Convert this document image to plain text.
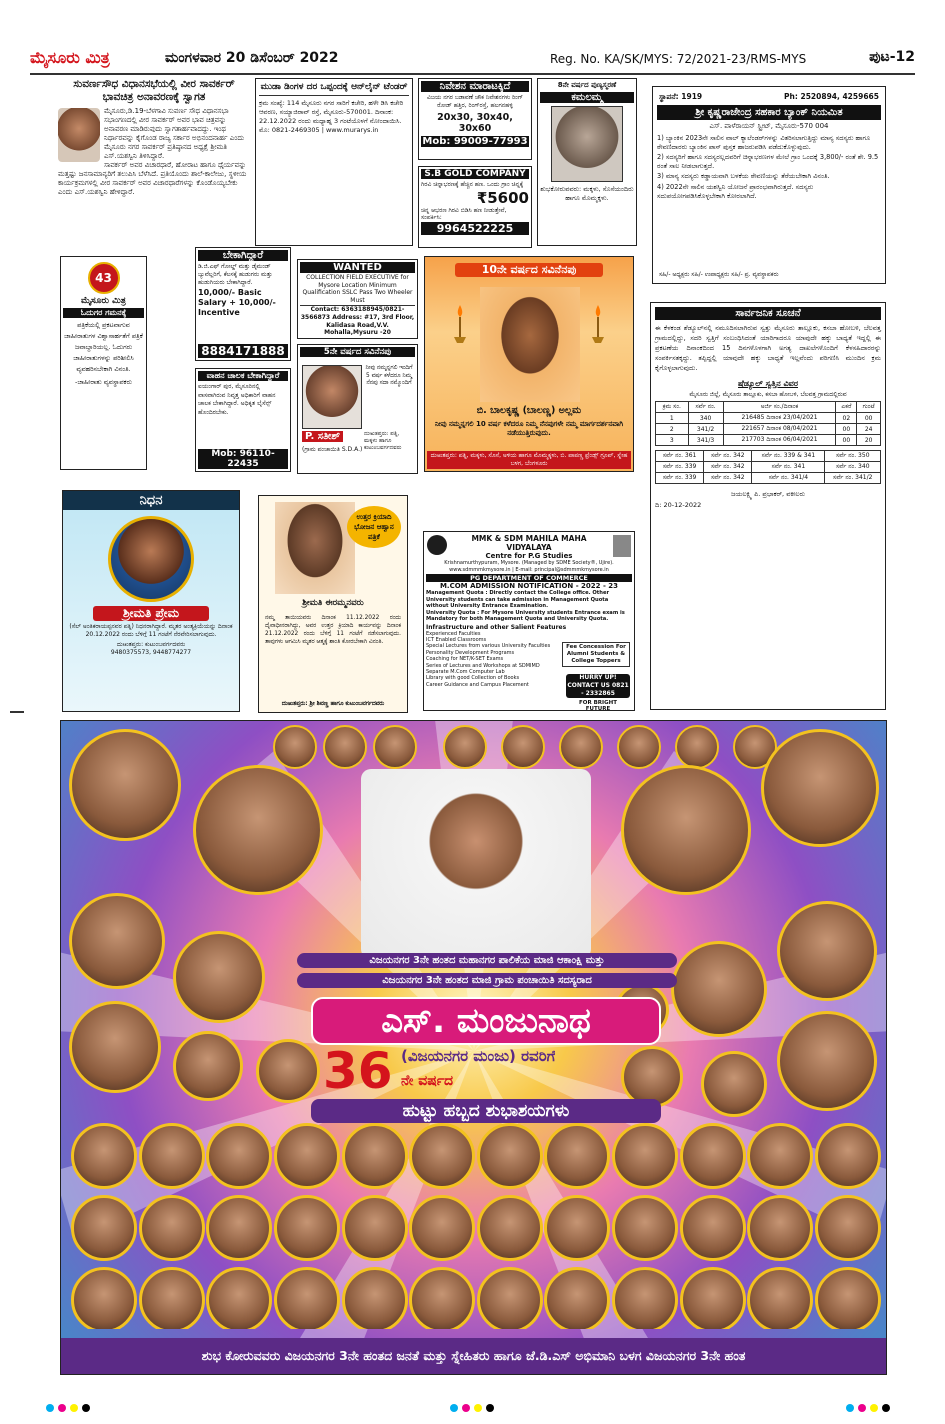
ಮೈಸೂರು ಮಿತ್ರ	ಮಂಗಳವಾರ 20 ಡಿಸೆಂಬರ್ 2022	Reg. No. KA/SK/MYS: 72/2021-23/RMS-MYS	ಪುಟ-12
ಸುವರ್ಣಸೌಧ ವಿಧಾನಸಭೆಯಲ್ಲಿ ವೀರ ಸಾವರ್ಕರ್ ಭಾವಚಿತ್ರ ಅನಾವರಣಕ್ಕೆ ಸ್ವಾಗತ
ಮೈಸೂರು,ಡಿ.19-ಬೆಳಗಾವಿ ಸುವರ್ಣ ಸೌಧ ವಿಧಾನಸಭಾ ಸಭಾಂಗಣದಲ್ಲಿ ವೀರ ಸಾವರ್ಕರ್ ಅವರ ಭಾವ ಚಿತ್ರವನ್ನು ಅನಾವರಣ ಮಾಡಿರುವುದು ಸ್ವಾಗತಾರ್ಹವಾದದ್ದು. ಇಂಥ ನಿರ್ಧಾರವನ್ನು ಕೈಗೊಂಡ ರಾಜ್ಯ ಸರ್ಕಾರ ಅಭಿನಂದನಾರ್ಹ ಎಂದು ಮೈಸೂರು ನಗರ ಸಾವರ್ಕರ್ ಪ್ರತಿಷ್ಠಾನದ ಅಧ್ಯಕ್ಷೆ ಶ್ರೀಮತಿ ಎಸ್.ಯಶಸ್ವಿನಿ ತಿಳಿಸಿದ್ದಾರೆ.
ಸಾವರ್ಕರ್ ಅವರ ವಿಚಾರಧಾರೆ, ಹೋರಾಟ ಹಾಗೂ ಧೈರ್ಯವನ್ನು ಮತ್ತಷ್ಟು ಜನಸಾಮಾನ್ಯರಿಗೆ ತಲುಪಿಸಿ ಬೆಳೆಸಿದೆ. ಪ್ರತಿಯೊಂದು ಶಾಲೆ-ಕಾಲೇಜು, ಸ್ಥಳೀಯ ಕಾರ್ಯಕ್ರಮಗಳಲ್ಲಿ ವೀರ ಸಾವರ್ಕರ್ ಅವರ ವಿಚಾರಧಾರೆಗಳನ್ನು ಕೊಂಡೊಯ್ಯಬೇಕು ಎಂದು ಎಸ್.ಯಶಸ್ವಿನಿ ಹೇಳಿದ್ದಾರೆ.
ಮುಡಾ ಡಿಂಗಳ ದರ ಒಪ್ಪಂದಕ್ಕೆ ಆನ್‌ಲೈನ್ ಟೆಂಡರ್
ಕ್ರಮ ಸಂಖ್ಯೆ: 114 ಮೈಸೂರು ನಗರ ಸಾರಿಗೆ ಕಚೇರಿ, ಹಳೇ ಡಿಸಿ ಕಚೇರಿ ಆವರಣ, ಸಯ್ಯಾಜಿರಾವ್ ರಸ್ತೆ, ಮೈಸೂರು-570001. ದಿನಾಂಕ: 22.12.2022 ರಂದು ಮಧ್ಯಾಹ್ನ 3 ಗಂಟೆಯೊಳಗೆ ನೋಂದಾಯಿಸಿ. ಮೊ: 0821-2469305 | www.murarys.in
ನಿವೇಶನ ಮಾರಾಟಕ್ಕಿದೆ
ವಿಜಯ ನಗರ ಬಡಾವಣೆ ಚೌಕ ನಿವೇಶನಗಳು ರಿಂಗ್ ರೋಡ್ ಹತ್ತಿರ, ರಿಂಗ್‌ರಸ್ತೆ, ಹಲಗನಹಳ್ಳಿ
20x30, 30x40, 30x60
Mob: 99009-77993
S.B GOLD COMPANY
ಗಿರವಿ ಚಿನ್ನಾಭರಣಕ್ಕೆ ಹೆಚ್ಚಿನ ಹಣ. ಒಂದು ಗ್ರಾಂ ಚಿನ್ನಕ್ಕೆ
₹5600
ಚಿನ್ನ ಆಭರಣ ಗಿರವಿ ಬಿಡಿಸಿ ಹಣ ನೀಡುತ್ತೇವೆ, ಸಂಪರ್ಕಿಸಿ:
9964522225
8ನೇ ವರ್ಷದ ಪುಣ್ಯಸ್ಮರಣೆ
ಕಮಲಮ್ಮ
ಶುಭಕೋರುವವರು: ಮಕ್ಕಳು, ಸೊಸೆಯಂದಿರು ಹಾಗೂ ಮೊಮ್ಮಕ್ಕಳು.
ಸ್ಥಾಪನೆ: 1919	Ph: 2520894, 4259665
ಶ್ರೀ ಕೃಷ್ಣರಾಜೇಂದ್ರ ಸಹಕಾರ ಬ್ಯಾಂಕ್ ನಿಯಮಿತ
ಎಸ್. ಪಾಳೆರಾಯನ್ ಸ್ಟ್ರೀಟ್, ಮೈಸೂರು-570 004
1) ಬ್ಯಾಂಕಿನ 2023ನೇ ಸಾಲಿನ ವಾಲ್ ಕ್ಯಾಲೆಂಡರ್‌ಗಳನ್ನು ವಿತರಿಸಲಾಗುತ್ತಿದ್ದು ಮಾನ್ಯ ಸದಸ್ಯರು ಹಾಗೂ ಠೇವಣಿದಾರರು ಬ್ಯಾಂಕಿನ ಪಾಸ್ ಪುಸ್ತಕ ಹಾಜರುಪಡಿಸಿ ಪಡೆದುಕೊಳ್ಳುವುದು.
2) ಸದಸ್ಯರಿಗೆ ಹಾಗೂ ಸದಸ್ಯರಲ್ಲದವರಿಗೆ ಚಿನ್ನಾಭರಣಗಳ ಮೇಲೆ ಗ್ರಾಂ ಒಂದಕ್ಕೆ 3,800/- ರಂತೆ ಶೇ. 9.5 ರಂತೆ ಸಾಲ ನೀಡಲಾಗುತ್ತದೆ.
3) ಮಾನ್ಯ ಸದಸ್ಯರು ಕಡ್ಡಾಯವಾಗಿ ಬಳಕೆಯ ಠೇವಣಿಯನ್ನು ತೆರೆಯಬೇಕಾಗಿ ವಿನಂತಿ.
4) 2022ನೇ ಸಾಲಿನ ಯಶಸ್ವಿನಿ ಯೋಜನೆ ಪ್ರಾರಂಭವಾಗಿರುತ್ತದೆ. ಸದಸ್ಯರು ಸದುಪಯೋಗಪಡಿಸಿಕೊಳ್ಳಬೇಕಾಗಿ ಕೋರಲಾಗಿದೆ.
ಸಹಿ/- ಅಧ್ಯಕ್ಷರು ಸಹಿ/- ಉಪಾಧ್ಯಕ್ಷರು ಸಹಿ/- ಪ್ರ. ವ್ಯವಸ್ಥಾಪಕರು
43
ಮೈಸೂರು ಮಿತ್ರ
ಓದುಗರ ಗಮನಕ್ಕೆ
ಪತ್ರಿಕೆಯಲ್ಲಿ ಪ್ರಕಟವಾಗುವ ಜಾಹೀರಾತುಗಳ ವಿಶ್ವಾಸಾರ್ಹತೆಗೆ ಪತ್ರಿಕೆ ಜವಾಬ್ದಾರಿಯಲ್ಲ. ಓದುಗರು ಜಾಹೀರಾತುಗಳನ್ನು ಪರಿಶೀಲಿಸಿ ವ್ಯವಹರಿಸಬೇಕಾಗಿ ವಿನಂತಿ.
-ಜಾಹೀರಾತು ವ್ಯವಸ್ಥಾಪಕರು
ಬೇಕಾಗಿದ್ದಾರೆ
ಡಿ.ಜಿ.ಎಫ್ ಗೋಲ್ಡ್ ಮತ್ತು ಡೈಮಂಡ್ ಜ್ಯುವೆಲ್ಲರಿಗೆ, ಕೆಲಸಕ್ಕೆ ಹುಡುಗರು ಮತ್ತು ಹುಡುಗಿಯರು ಬೇಕಾಗಿದ್ದಾರೆ.
10,000/- Basic Salary + 10,000/- Incentive
8884171888
ವಾಹನ ಚಾಲಕ ಬೇಕಾಗಿದ್ದಾರೆ
ಐಯಂಗಾರ್ ಪುರ, ಮೈಸೂರಿನಲ್ಲಿ ವಾಸವಾಗಿರುವ ನಿವೃತ್ತ ಅಧಿಕಾರಿಗೆ ವಾಹನ ಚಾಲಕ ಬೇಕಾಗಿದ್ದಾರೆ. ಅಧಿಕೃತ ಲೈಸೆನ್ಸ್ ಹೊಂದಿರಬೇಕು.
Mob: 96110-22435
WANTED
COLLECTION FIELD EXECUTIVE for Mysore Location Minimum Qualification SSLC Pass Two Wheeler Must
Contact: 6363188945/0821-3566873 Address: #17, 3rd Floor, Kalidasa Road,V.V. Mohalla,Mysuru -20
5ನೇ ವರ್ಷದ ಸವಿನೆನಪು
ನೀವು ನಮ್ಮನ್ನಗಲಿ ಇಂದಿಗೆ 5 ವರ್ಷ ಕಳೆದರೂ ನಿಮ್ಮ ನೆನಪು ಸದಾ ನಮ್ಮೊಂದಿಗೆ
P. ಸತೀಶ್
(ಗ್ರಾಮ ಪಂಚಾಯಿತಿ S.D.A.)
ದುಃಖತಪ್ತರು: ಪತ್ನಿ, ಮಕ್ಕಳು ಹಾಗೂ ಕುಟುಂಬವರ್ಗದವರು
10ನೇ ವರ್ಷದ ಸವಿನೆನಪು
ಬಿ. ಬಾಲಕೃಷ್ಣ (ಬಾಲಣ್ಣ) ಅಲ್ಲಮ
ನೀವು ನಮ್ಮನ್ನಗಲಿ 10 ವರ್ಷ ಕಳೆದರೂ ನಿಮ್ಮ ನೆನಪುಗಳೇ ನಮ್ಮ ಮಾರ್ಗದರ್ಶನವಾಗಿ ನಡೆಯುತ್ತಿರುವುದು.
ದುಃಖತಪ್ತರು: ಪತ್ನಿ, ಮಕ್ಕಳು, ಸೊಸೆ, ಅಳಿಯ ಹಾಗೂ ಮೊಮ್ಮಕ್ಕಳು, ಬಿ. ಪಾಪಣ್ಣ ಫ್ರೆಂಡ್ಸ್ ಗ್ರೂಪ್, ಸ್ನೇಹ ಬಳಗ, ಬೆಂಗಳೂರು
ಸಾರ್ವಜನಿಕ ಸೂಚನೆ
ಈ ಕೆಳಕಂಡ ಶೆಡ್ಯೂಲ್‌ನಲ್ಲಿ ನಮೂದಿಸಲಾಗಿರುವ ಸ್ವತ್ತು ಮೈಸೂರು ತಾಲ್ಲೂಕು, ಕಸಬಾ ಹೋಬಳಿ, ಬೆಲವತ್ತ ಗ್ರಾಮದಲ್ಲಿದ್ದು, ಸದರಿ ಸ್ವತ್ತಿಗೆ ಸಂಬಂಧಿಸಿದಂತೆ ಯಾರಿಗಾದರೂ ಯಾವುದೇ ಹಕ್ಕು ಬಾಧ್ಯತೆ ಇದ್ದಲ್ಲಿ ಈ ಪ್ರಕಟಣೆಯ ದಿನಾಂಕದಿಂದ 15 ದಿನಗಳೊಳಗಾಗಿ ಅಗತ್ಯ ದಾಖಲೆಗಳೊಂದಿಗೆ ಕೆಳಸಹಿದಾರರನ್ನು ಸಂಪರ್ಕಿಸತಕ್ಕದ್ದು. ತಪ್ಪಿದ್ದಲ್ಲಿ ಯಾವುದೇ ಹಕ್ಕು ಬಾಧ್ಯತೆ ಇಲ್ಲವೆಂದು ಪರಿಗಣಿಸಿ ಮುಂದಿನ ಕ್ರಮ ಕೈಗೊಳ್ಳಲಾಗುವುದು.
ಷೆಡ್ಯೂಲ್ ಸ್ವತ್ತಿನ ವಿವರ
ಮೈಸೂರು ಜಿಲ್ಲೆ, ಮೈಸೂರು ತಾಲ್ಲೂಕು, ಕಸಬಾ ಹೋಬಳಿ, ಬೆಲವತ್ತ ಗ್ರಾಮದಲ್ಲಿರುವ
ಕ್ರಮ ಸಂ.	ಸರ್ವೆ ನಂ.	ಅರ್ಜಿ ಸಂ./ದಿನಾಂಕ	ಎಕರೆ	ಗುಂಟೆ
1	340	216485 ದಿನಾಂಕ 23/04/2021	02	00
2	341/2	221657 ದಿನಾಂಕ 08/04/2021	00	24
3	341/3	217703 ದಿನಾಂಕ 06/04/2021	00	20
ಸರ್ವೆ ನಂ. 361	ಸರ್ವೆ ನಂ. 342	ಸರ್ವೆ ನಂ. 339 & 341	ಸರ್ವೆ ನಂ. 350
ಸರ್ವೆ ನಂ. 339	ಸರ್ವೆ ನಂ. 342	ಸರ್ವೆ ನಂ. 341	ಸರ್ವೆ ನಂ. 340
ಸರ್ವೆ ನಂ. 339	ಸರ್ವೆ ನಂ. 342	ಸರ್ವೆ ನಂ. 341/4	ಸರ್ವೆ ನಂ. 341/2
ಜಯಲಕ್ಷ್ಮಿ ಪಿ. ಪ್ರಭಾಕರ್, ವಕೀಲರು
ದಿ: 20-12-2022
ನಿಧನ
ಶ್ರೀಮತಿ ಪ್ರೇಮ
(ಸೆಲ್ ಅಂತಿಕರಾಯಪ್ಪನವರ ಪತ್ನಿ) ನಿಧನರಾಗಿದ್ದಾರೆ. ಮೃತರ ಅಂತ್ಯಕ್ರಿಯೆಯನ್ನು ದಿನಾಂಕ 20.12.2022 ರಂದು ಬೆಳಿಗ್ಗೆ 11 ಗಂಟೆಗೆ ನೆರವೇರಿಸಲಾಗುವುದು.
ದುಃಖತಪ್ತರು: ಕುಟುಂಬವರ್ಗದವರು
9480375573, 9448774277
ಉತ್ತರ ಕ್ರಿಯಾದಿ ಭೋಜನ ಆಹ್ವಾನ ಪತ್ರಿಕೆ
ಶ್ರೀಮತಿ ಈರಮ್ಮನವರು
ನಮ್ಮ ತಾಯಿಯವರು ದಿನಾಂಕ 11.12.2022 ರಂದು ದೈವಾಧೀನರಾಗಿದ್ದು, ಅವರ ಉತ್ತರ ಕ್ರಿಯಾದಿ ಕಾರ್ಯವನ್ನು ದಿನಾಂಕ 21.12.2022 ರಂದು ಬೆಳಿಗ್ಗೆ 11 ಗಂಟೆಗೆ ನಡೆಸಲಾಗುವುದು. ತಾವುಗಳು ಆಗಮಿಸಿ ಮೃತರ ಆತ್ಮಕ್ಕೆ ಶಾಂತಿ ಕೋರಬೇಕಾಗಿ ವಿನಂತಿ.
ದುಃಖತಪ್ತರು: ಶ್ರೀ ಶಿವಣ್ಣ ಹಾಗೂ ಕುಟುಂಬವರ್ಗದವರು
MMK & SDM MAHILA MAHA VIDYALAYA
Centre for P.G Studies
Krishnamurthypuram, Mysore. (Managed by SDME Society®, Ujire). www.sdmmmkmysore.in | E-mail: principal@sdmmmkmysore.in
PG DEPARTMENT OF COMMERCE
M.COM ADMISSION NOTIFICATION - 2022 - 23
Management Quota : Directly contact the College office. Other University students can take admission in Management Quota without University Entrance Examination.
University Quota : For Mysore University students Entrance exam is Mandatory for both Management Quota and University Quota.
Infrastructure and other Salient Features
Experienced Faculties
ICT Enabled Classrooms
Special Lectures from various University Faculties
Personality Development Programs
Coaching for NET/K-SET Exams
Series of Lectures and Workshops at SDMIMD
Separate M.Com Computer Lab
Library with good Collection of Books
Career Guidance and Campus Placement
Fee Concession For Alumni Students & College Toppers
HURRY UP! CONTACT US 0821 - 2332865
FOR BRIGHT FUTURE
ವಿಜಯನಗರ 3ನೇ ಹಂತದ ಮಹಾನಗರ ಪಾಲಿಕೆಯ ಮಾಜಿ ಆಕಾಂಕ್ಷಿ ಮತ್ತು
ವಿಜಯನಗರ 3ನೇ ಹಂತದ ಮಾಜಿ ಗ್ರಾಮ ಪಂಚಾಯಿತಿ ಸದಸ್ಯರಾದ
ಎಸ್. ಮಂಜುನಾಥ
36 (ವಿಜಯನಗರ ಮಂಜು) ರವರಿಗೆ
ನೇ ವರ್ಷದ
ಹುಟ್ಟು ಹಬ್ಬದ ಶುಭಾಶಯಗಳು
ಶುಭ ಕೋರುವವರು ವಿಜಯನಗರ 3ನೇ ಹಂತದ ಜನತೆ ಮತ್ತು ಸ್ನೇಹಿತರು ಹಾಗೂ ಜೆ.ಡಿ.ಎಸ್ ಅಭಿಮಾನಿ ಬಳಗ ವಿಜಯನಗರ 3ನೇ ಹಂತ
